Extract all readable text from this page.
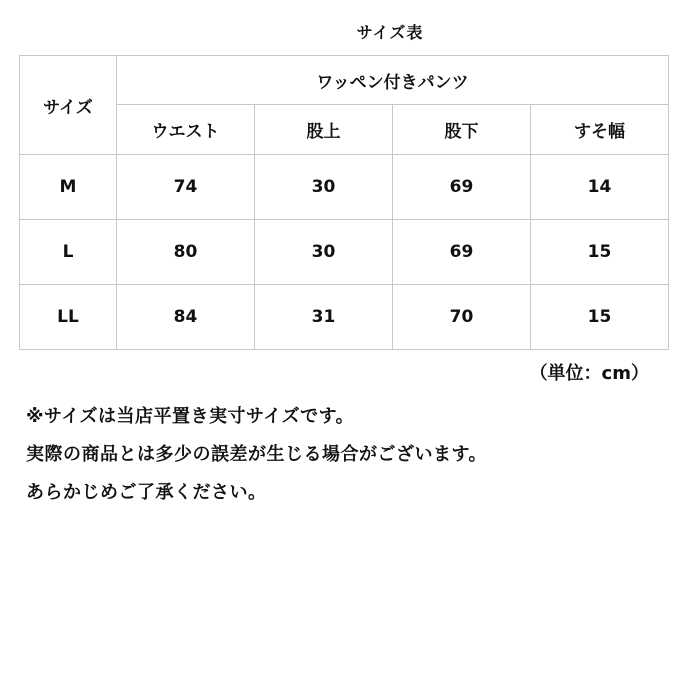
サイズ表
サイズ	ワッペン付きパンツ			
	ウエスト	股上	股下	すそ幅
M	74	30	69	14
L	80	30	69	15
LL	84	31	70	15
（単位：cm）
※サイズは当店平置き実寸サイズです。
実際の商品とは多少の誤差が生じる場合がございます。
あらかじめご了承ください。
